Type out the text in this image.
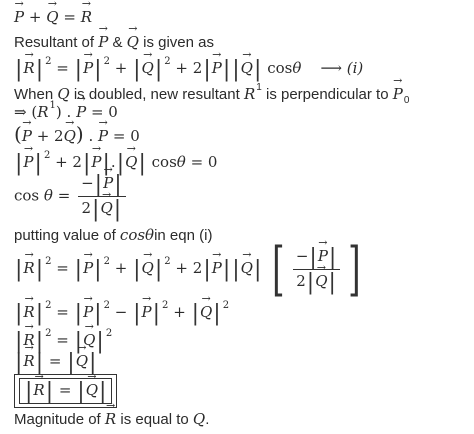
→ P + → Q = → R
Resultant of → P & → Q is given as
|→ R| $^2$ = |→ P| $^2$ + |→ Q| $^2$ + 2|→ P||→ Q| cosθ ⟶ (i)
When Q is doubled, new resultant $R^1$ is perpendicular to → $P_0$
⇒ $(R^1)$ . → P = 0
(→ P + 2→ Q) . → P = 0
|→ P| $^2$ + 2|→ P|.|→ Q| cosθ = 0
$\cos \theta = \frac{-|\to P|}{2|\to Q|}$
putting value of cosθin eqn (i)
|→ R| $^2$ = |→ P| $^2$ + |→ Q| $^2$ + 2|→ P||→ Q| [ $\frac{-|\to P|}{2|\to Q|}$ ]
|→ R| $^2$ = |→ P| $^2$ − |→ P| $^2$ + |→ Q| $^2$
|→ R| $^2$ = |→ Q| $^2$
|→ R| = |→ Q|
|→ R| = |→ Q|
Magnitude of → R is equal to Q.
